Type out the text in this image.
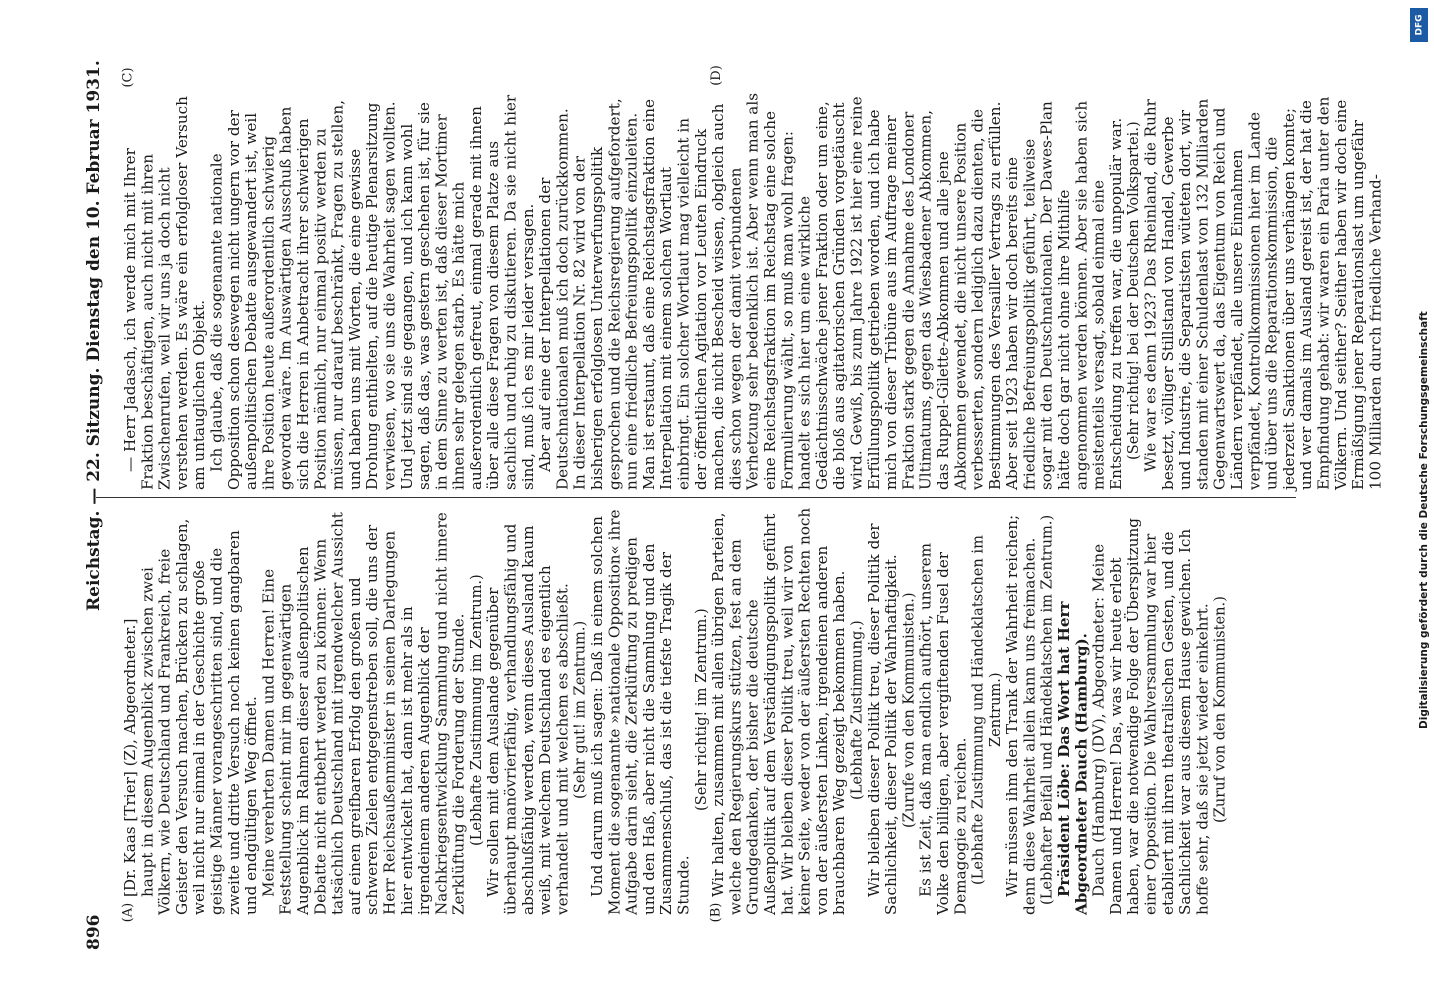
896
Reichstag. — 22. Sitzung. Dienstag den 10. Februar 1931.
(A)	(B)
(C)	(D)

[Dr. Kaas [Trier] (Z), Abgeordneter.] haupt in diesem Augenblick zwischen zwei Völkern, wie Deutschland und Frankreich, freie Geister den Versuch machen, Brücken zu schlagen, weil nicht nur einmal in der Geschichte große geistige Männer vorangeschritten sind, und die zweite und dritte Versuch noch keinen gangbaren und endgültigen Weg öffnet. Meine verehrten Damen und Herren! Eine Feststellung scheint mir im gegenwärtigen Augenblick im Rahmen dieser außenpolitischen Debatte nicht entbehrt werden zu können: Wenn tatsächlich Deutschland mit irgendwelcher Aussicht auf einen greifbaren Erfolg den großen und schweren Zielen entgegenstreben soll, die uns der Herr Reichsaußenminister in seinen Darlegungen hier entwickelt hat, dann ist mehr als in irgendeinem anderen Augenblick der Nachkriegsentwicklung Sammlung und nicht innere Zerklüftung die Forderung der Stunde. (Lebhafte Zustimmung im Zentrum.) Wir sollen mit dem Auslande gegenüber überhaupt manövrierfähig, verhandlungsfähig und abschlußfähig werden, wenn dieses Ausland kaum weiß, mit welchem Deutschland es eigentlich verhandelt und mit welchem es abschließt. (Sehr gut! im Zentrum.) Und darum muß ich sagen: Daß in einem solchen Moment die sogenannte »nationale Opposition« ihre Aufgabe darin sieht, die Zerklüftung zu predigen und den Haß, aber nicht die Sammlung und den Zusammenschluß, das ist die tiefste Tragik der Stunde.

(Sehr richtig! im Zentrum.) Wir halten, zusammen mit allen übrigen Parteien, welche den Regierungskurs stützen, fest an dem Grundgedanken, der bisher die deutsche Außenpolitik auf dem Verständigungspolitik geführt hat. Wir bleiben dieser Politik treu, weil wir von keiner Seite, weder von der äußersten Rechten noch von der äußersten Linken, irgendeinen anderen brauchbaren Weg gezeigt bekommen haben. (Lebhafte Zustimmung.) Wir bleiben dieser Politik treu, dieser Politik der Sachlichkeit, dieser Politik der Wahrhaftigkeit. (Zurufe von den Kommunisten.) Es ist Zeit, daß man endlich aufhört, unserem Volke den billigen, aber vergiftenden Fusel der Demagogie zu reichen. (Lebhafte Zustimmung und Händeklatschen im Zentrum.) Wir müssen ihm den Trank der Wahrheit reichen; denn diese Wahrheit allein kann uns freimachen. (Lebhafter Beifall und Händeklatschen im Zentrum.) Präsident Löbe: Das Wort hat Herr Abgeordneter Dauch (Hamburg). Dauch (Hamburg) (DV), Abgeordneter: Meine Damen und Herren! Das, was wir heute erlebt haben, war die notwendige Folge der Überspitzung einer Opposition. Die Wahlversammlung war hier etabliert mit ihren theatralischen Gesten, und die Sachlichkeit war aus diesem Hause gewichen. Ich hoffe sehr, daß sie jetzt wieder einkehrt. (Zuruf von den Kommunisten.)

— Herr Jadasch, ich werde mich mit Ihrer Fraktion beschäftigen, auch nicht mit ihren Zwischenrufen, weil wir uns ja doch nicht verstehen werden. Es wäre ein erfolgloser Versuch am untauglichen Objekt. Ich glaube, daß die sogenannte nationale Opposition schon deswegen nicht ungern vor der außenpolitischen Debatte ausgewandert ist, weil ihre Position heute außerordentlich schwierig geworden wäre. Im Auswärtigen Ausschuß haben sich die Herren in Anbetracht ihrer schwierigen Position nämlich, nur einmal positiv werden zu müssen, nur darauf beschränkt, Fragen zu stellen, und haben uns mit Worten, die eine gewisse Drohung enthielten, auf die heutige Plenarsitzung verwiesen, wo sie uns die Wahrheit sagen wollten. Und jetzt sind sie gegangen, und ich kann wohl sagen, daß das, was gestern geschehen ist, für sie in dem Sinne zu werten ist, daß dieser Mortimer ihnen sehr gelegen starb. Es hätte mich außerordentlich gefreut, einmal gerade mit ihnen über alle diese Fragen von diesem Platze aus sachlich und ruhig zu diskutieren. Da sie nicht hier sind, muß ich es mir leider versagen. Aber auf eine der Interpellationen der Deutschnationalen muß ich doch zurückkommen. In dieser Interpellation Nr. 82 wird von der bisherigen erfolglosen Unterwerfungspolitik gesprochen und die Reichsregierung aufgefordert, nun eine friedliche Befreiungspolitik einzuleiten. Man ist erstaunt, daß eine Reichstagsfraktion eine Interpellation mit einem solchen Wortlaut einbringt. Ein solcher Wortlaut mag vielleicht in der öffentlichen Agitation vor Leuten Eindruck machen, die nicht Bescheid wissen, obgleich auch dies schon wegen der damit verbundenen Verhetzung sehr bedenklich ist. Aber wenn man als eine Reichstagsfraktion im Reichstag eine solche Formulierung wählt, so muß man wohl fragen: handelt es sich hier um eine wirkliche Gedächtnisschwäche jener Fraktion oder um eine, die bloß aus agitatorischen Gründen vorgetäuscht wird. Gewiß, bis zum Jahre 1922 ist hier eine reine Erfüllungspolitik getrieben worden, und ich habe mich von dieser Tribüne aus im Auftrage meiner Fraktion stark gegen die Annahme des Londoner Ultimatums, gegen das Wiesbadener Abkommen, das Ruppel-Gilette-Abkommen und alle jene Abkommen gewendet, die nicht unsere Position verbesserten, sondern lediglich dazu dienten, die Bestimmungen des Versailler Vertrags zu erfüllen. Aber seit 1923 haben wir doch bereits eine friedliche Befreiungspolitik geführt, teilweise sogar mit den Deutschnationalen. Der Dawes-Plan hätte doch gar nicht ohne ihre Mithilfe angenommen werden können. Aber sie haben sich meistenteils versagt, sobald einmal eine Entscheidung zu treffen war, die unpopulär war. (Sehr richtig! bei der Deutschen Volkspartei.) Wie war es denn 1923? Das Rheinland, die Ruhr besetzt, völliger Stillstand von Handel, Gewerbe und Industrie, die Separatisten wüteten dort, wir standen mit einer Schuldenlast von 132 Milliarden Gegenwartswert da, das Eigentum von Reich und Ländern verpfändet, alle unsere Einnahmen verpfändet, Kontrollkommissionen hier im Lande und über uns die Reparationskommission, die jederzeit Sanktionen über uns verhängen konnte; und wer damals im Ausland gereist ist, der hat die Empfindung gehabt: wir waren ein Paria unter den Völkern. Und seither? Seither haben wir doch eine Ermäßigung jener Reparationslast um ungefähr 100 Milliarden durch friedliche Verhand-

DFG
Digitalisierung gefördert durch die Deutsche Forschungsgemeinschaft
